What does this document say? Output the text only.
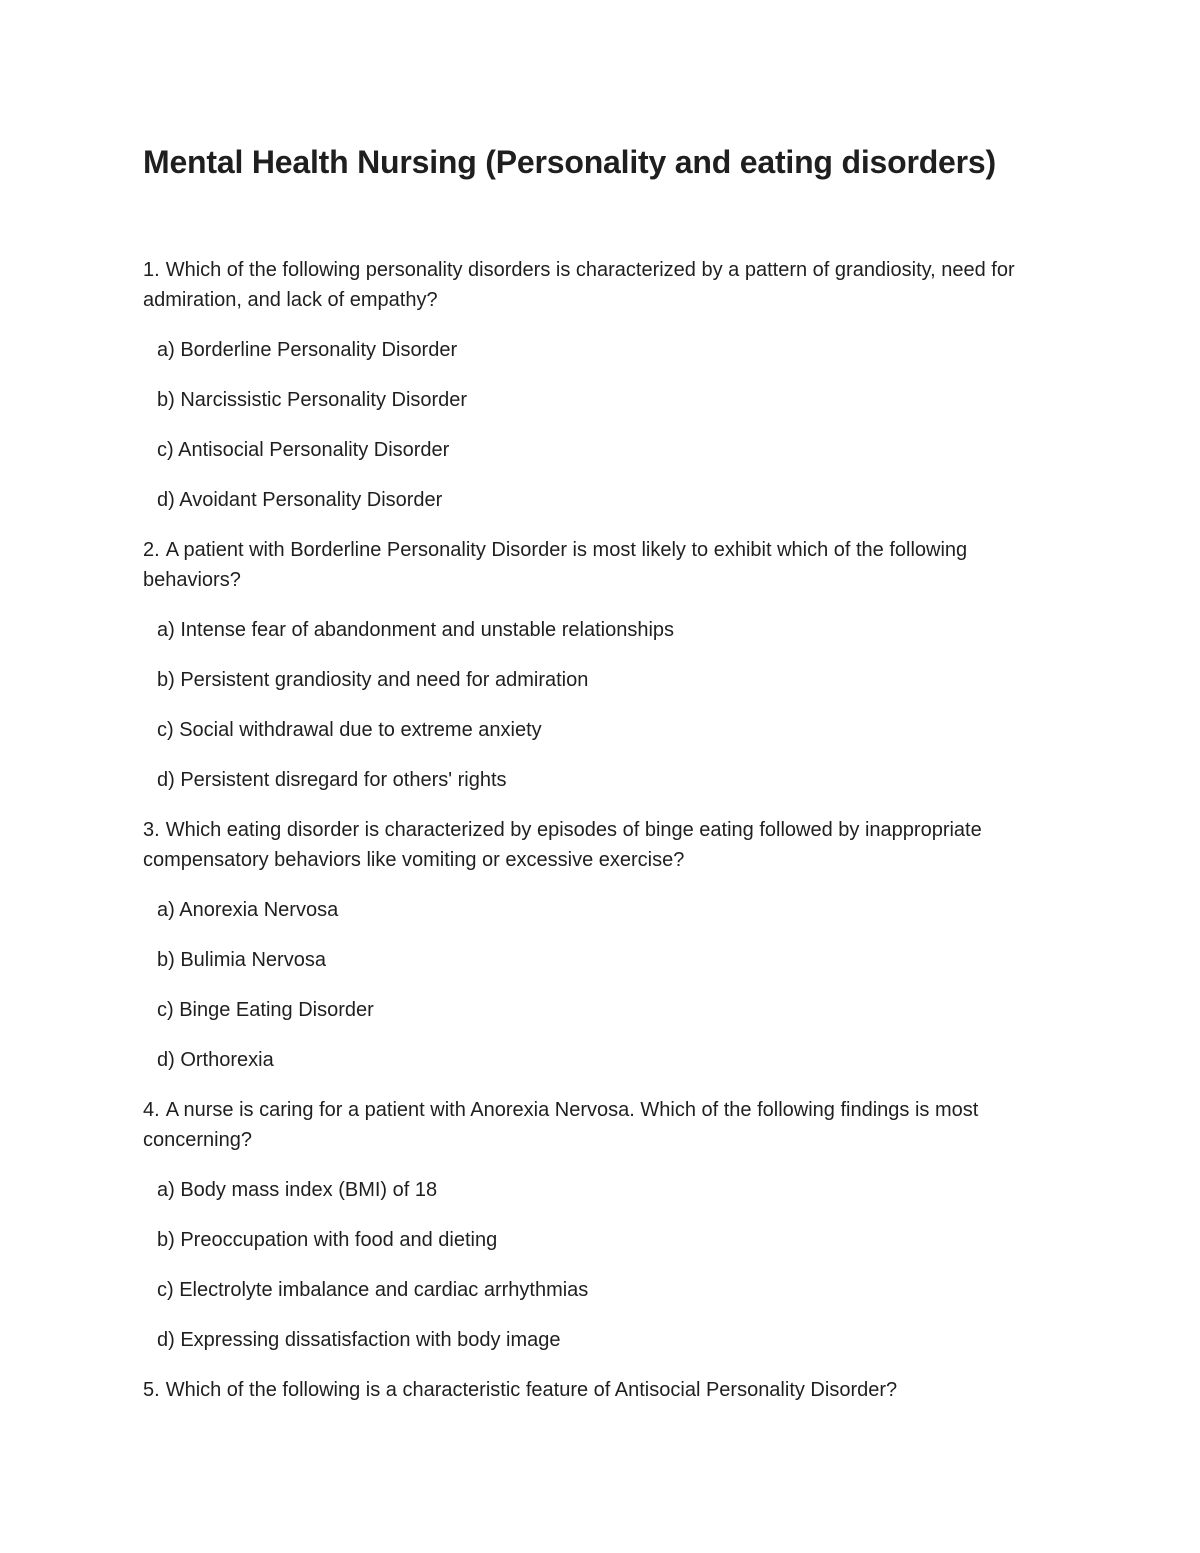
Mental Health Nursing (Personality and eating disorders)

1. Which of the following personality disorders is characterized by a pattern of grandiosity, need for admiration, and lack of empathy?

a) Borderline Personality Disorder
b) Narcissistic Personality Disorder
c) Antisocial Personality Disorder
d) Avoidant Personality Disorder

2. A patient with Borderline Personality Disorder is most likely to exhibit which of the following behaviors?

a) Intense fear of abandonment and unstable relationships
b) Persistent grandiosity and need for admiration
c) Social withdrawal due to extreme anxiety
d) Persistent disregard for others' rights

3. Which eating disorder is characterized by episodes of binge eating followed by inappropriate compensatory behaviors like vomiting or excessive exercise?

a) Anorexia Nervosa
b) Bulimia Nervosa
c) Binge Eating Disorder
d) Orthorexia

4. A nurse is caring for a patient with Anorexia Nervosa. Which of the following findings is most concerning?

a) Body mass index (BMI) of 18
b) Preoccupation with food and dieting
c) Electrolyte imbalance and cardiac arrhythmias
d) Expressing dissatisfaction with body image

5. Which of the following is a characteristic feature of Antisocial Personality Disorder?
